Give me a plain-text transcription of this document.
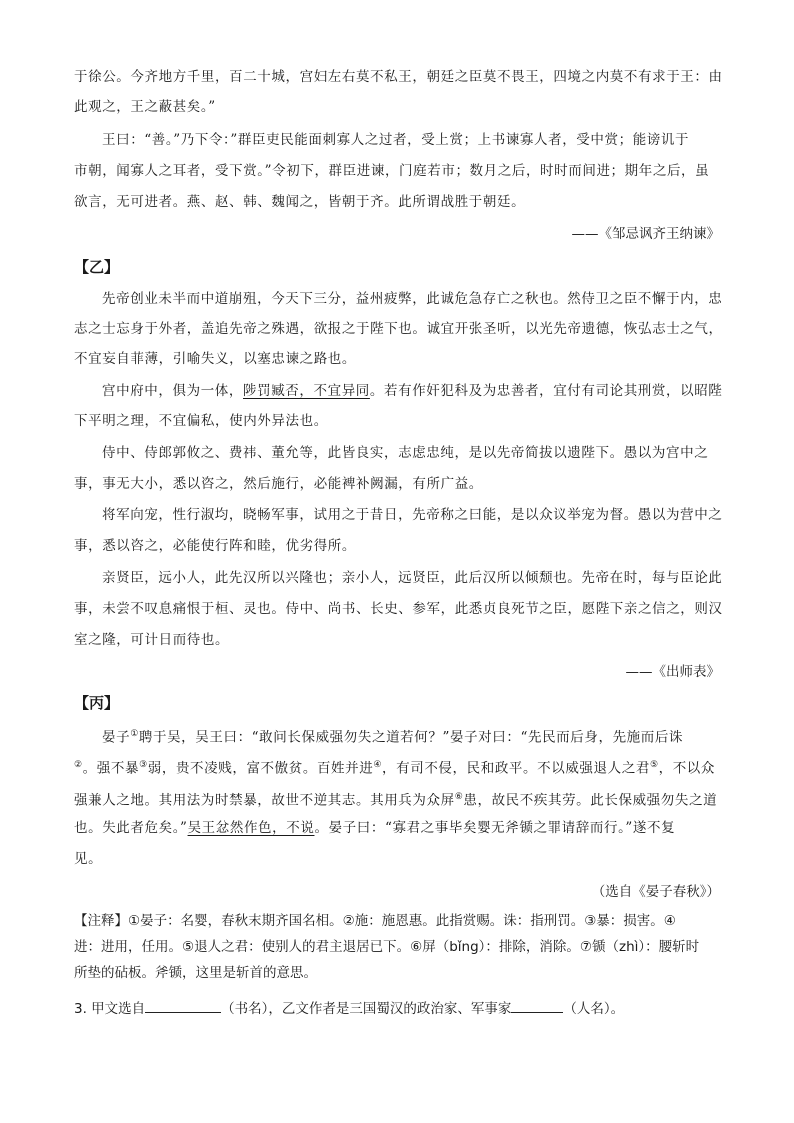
于徐公。今齐地方千里，百二十城，宫妇左右莫不私王，朝廷之臣莫不畏王，四境之内莫不有求于王：由
此观之，王之蔽甚矣。”
王曰：“善。”乃下令：”群臣吏民能面刺寡人之过者，受上赏；上书谏寡人者，受中赏；能谤讥于
市朝，闻寡人之耳者，受下赏。”令初下，群臣进谏，门庭若市；数月之后，时时而间进；期年之后，虽
欲言，无可进者。燕、赵、韩、魏闻之，皆朝于齐。此所谓战胜于朝廷。
——《邹忌讽齐王纳谏》
【乙】
先帝创业未半而中道崩殂，今天下三分，益州疲弊，此诚危急存亡之秋也。然侍卫之臣不懈于内，忠
志之士忘身于外者，盖追先帝之殊遇，欲报之于陛下也。诚宜开张圣听，以光先帝遗德，恢弘志士之气，
不宜妄自菲薄，引喻失义，以塞忠谏之路也。
宫中府中，俱为一体，陟罚臧否，不宜异同。若有作奸犯科及为忠善者，宜付有司论其刑赏，以昭陛
下平明之理，不宜偏私，使内外异法也。
侍中、侍郎郭攸之、费祎、董允等，此皆良实，志虑忠纯，是以先帝简拔以遗陛下。愚以为宫中之
事，事无大小，悉以咨之，然后施行，必能裨补阙漏，有所广益。
将军向宠，性行淑均，晓畅军事，试用之于昔日，先帝称之曰能，是以众议举宠为督。愚以为营中之
事，悉以咨之，必能使行阵和睦，优劣得所。
亲贤臣，远小人，此先汉所以兴隆也；亲小人，远贤臣，此后汉所以倾颓也。先帝在时，每与臣论此
事，未尝不叹息痛恨于桓、灵也。侍中、尚书、长史、参军，此悉贞良死节之臣，愿陛下亲之信之，则汉
室之隆，可计日而待也。
——《出师表》
【丙】
晏子①聘于吴，吴王曰：“敢问长保威强勿失之道若何？”晏子对曰：“先民而后身，先施而后诛
②。强不暴③弱，贵不凌贱，富不傲贫。百姓并进④，有司不侵，民和政平。不以威强退人之君⑤，不以众
强兼人之地。其用法为时禁暴，故世不逆其志。其用兵为众屏⑥患，故民不疾其劳。此长保威强勿失之道
也。失此者危矣。”吴王忿然作色，不说。晏子曰：“寡君之事毕矣婴无斧锧之罪请辞而行。”遂不复
见。
（选自《晏子春秋》）
【注释】①晏子：名婴，春秋末期齐国名相。②施：施恩惠。此指赏赐。诛：指刑罚。③暴：损害。④
进：进用，任用。⑤退人之君：使别人的君主退居已下。⑥屏（bǐng）：排除，消除。⑦锧（zhì）：腰斩时
所垫的砧板。斧锧，这里是斩首的意思。
3. 甲文选自	（书名），乙文作者是三国蜀汉的政治家、军事家	（人名）。
